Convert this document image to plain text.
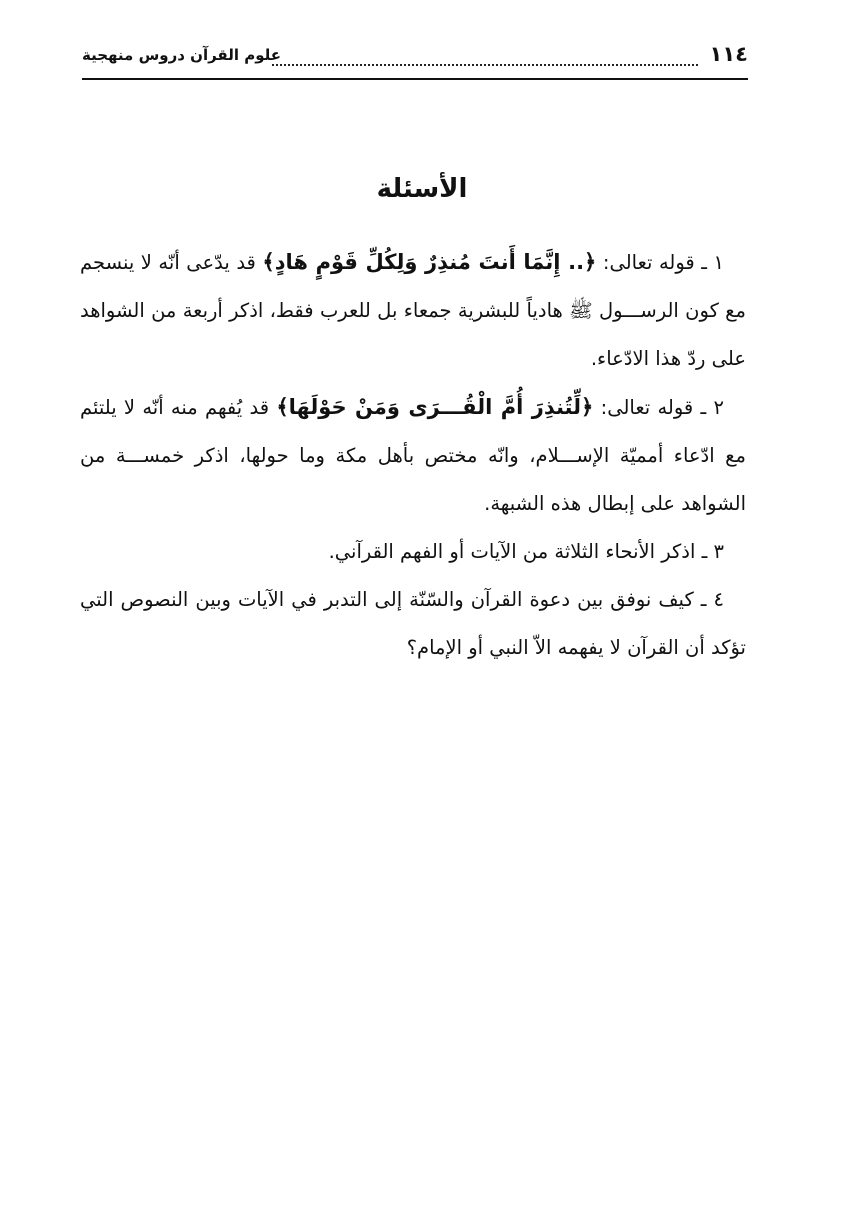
١١٤
علوم القرآن دروس منهجية
الأسئلة

١ ـ قوله تعالى: ﴿.. إِنَّمَا أَنتَ مُنذِرٌ وَلِكُلِّ قَوْمٍ هَادٍ﴾ قد يدّعى أنّه لا ينسجم مع كون الرســـول ﷺ هادياً للبشرية جمعاء بل للعرب فقط، اذكر أربعة من الشواهد على ردّ هذا الادّعاء.

٢ ـ قوله تعالى: ﴿لِّتُنذِرَ أُمَّ الْقُـــرَى وَمَنْ حَوْلَهَا﴾ قد يُفهم منه أنّه لا يلتئم مع ادّعاء أمميّة الإســـلام، وانّه مختص بأهل مكة وما حولها، اذكر خمســـة من الشواهد على إبطال هذه الشبهة.

٣ ـ اذكر الأنحاء الثلاثة من الآيات أو الفهم القرآني.

٤ ـ كيف نوفق بين دعوة القرآن والسّنّة إلى التدبر في الآيات وبين النصوص التي تؤكد أن القرآن لا يفهمه الاّ النبي أو الإمام؟
